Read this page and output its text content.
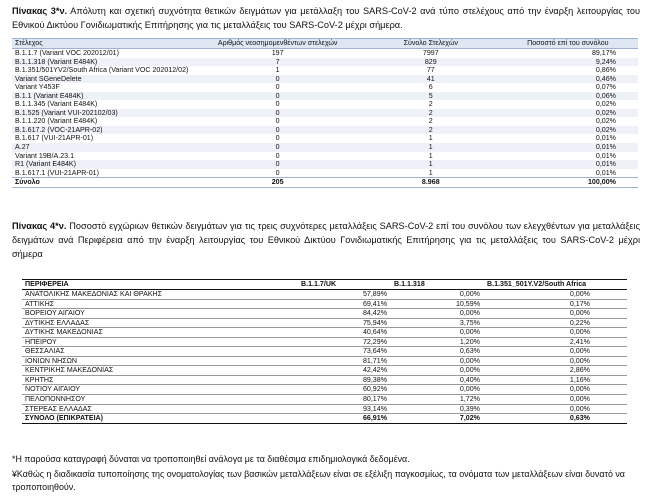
Πίνακας 3*ν. Απόλυτη και σχετική συχνότητα θετικών δειγμάτων για μετάλλαξη του SARS-CoV-2 ανά τύπο στελέχους από την έναρξη λειτουργίας του Εθνικού Δικτύου Γονιδιωματικής Επιτήρησης για τις μεταλλάξεις του SARS-CoV-2 μέχρι σήμερα.
Στέλεχος	Αριθμός νεοσημομενθέντων στελεχών	Σύνολο Στελεχών	Ποσοστό επί του συνόλου
B.1.1.7 (Variant VOC 202012/01)	197	7997	89,17%
B.1.1.318 (Variant E484K)	7	829	9,24%
B.1.351/501YV2/South Africa (Variant VOC 202012/02)	1	77	0,86%
Variant SGeneDelete	0	41	0,46%
Variant Y453F	0	6	0,07%
B.1.1 (Variant E484K)	0	5	0,06%
B.1.1.345 (Variant E484K)	0	2	0,02%
B.1.525 (Variant VUI-202102/03)	0	2	0,02%
B.1.1.220 (Variant E484K)	0	2	0,02%
B.1.617.2 (VOC-21APR-02)	0	2	0,02%
B.1.617 (VUI-21APR-01)	0	1	0,01%
A.27	0	1	0,01%
Variant 19B/A.23.1	0	1	0,01%
R1 (Variant E484K)	0	1	0,01%
B.1.617.1 (VUI-21APR-01)	0	1	0,01%
Σύνολο	205	8.968	100,00%
Πίνακας 4*ν. Ποσοστό εγχώριων θετικών δειγμάτων για τις τρεις συχνότερες μεταλλάξεις SARS-CoV-2 επί του συνόλου των ελεγχθέντων για μεταλλάξεις δειγμάτων ανά Περιφέρεια από την έναρξη λειτουργίας του Εθνικού Δικτύου Γονιδιωματικής Επιτήρησης για τις μεταλλάξεις του SARS-CoV-2 μέχρι σήμερα
ΠΕΡΙΦΕΡΕΙΑ	B.1.1.7/UK	B.1.1.318	B.1.351_501Y.V2/South Africa
ΑΝΑΤΟΛΙΚΗΣ ΜΑΚΕΔΟΝΙΑΣ ΚΑΙ ΘΡΑΚΗΣ	57,89%	0,00%	0,00%
ΑΤΤΙΚΗΣ	69,41%	10,59%	0,17%
ΒΟΡΕΙΟΥ ΑΙΓΑΙΟΥ	84,42%	0,00%	0,00%
ΔΥΤΙΚΗΣ ΕΛΛΑΔΑΣ	75,94%	3,75%	0,22%
ΔΥΤΙΚΗΣ ΜΑΚΕΔΟΝΙΑΣ	40,64%	0,00%	0,00%
ΗΠΕΙΡΟΥ	72,29%	1,20%	2,41%
ΘΕΣΣΑΛΙΑΣ	73,64%	0,63%	0,00%
ΙΟΝΙΩΝ ΝΗΣΩΝ	81,71%	0,00%	0,00%
ΚΕΝΤΡΙΚΗΣ ΜΑΚΕΔΟΝΙΑΣ	42,42%	0,00%	2,86%
ΚΡΗΤΗΣ	89,38%	0,40%	1,16%
ΝΟΤΙΟΥ ΑΙΓΑΙΟΥ	60,92%	0,00%	0,00%
ΠΕΛΟΠΟΝΝΗΣΟΥ	80,17%	1,72%	0,00%
ΣΤΕΡΕΑΣ ΕΛΛΑΔΑΣ	93,14%	0,39%	0,00%
ΣΥΝΟΛΟ (ΕΠΙΚΡΑΤΕΙΑ)	66,91%	7,02%	0,63%
*Η παρούσα καταγραφή δύναται να τροποποιηθεί ανάλογα με τα διαθέσιμα επιδημιολογικά δεδομένα.
¥Καθώς η διαδικασία τυποποίησης της ονοματολογίας των βασικών μεταλλάξεων είναι σε εξέλιξη παγκοσμίως, τα ονόματα των μεταλλάξεων είναι δυνατό να τροποποιηθούν.
